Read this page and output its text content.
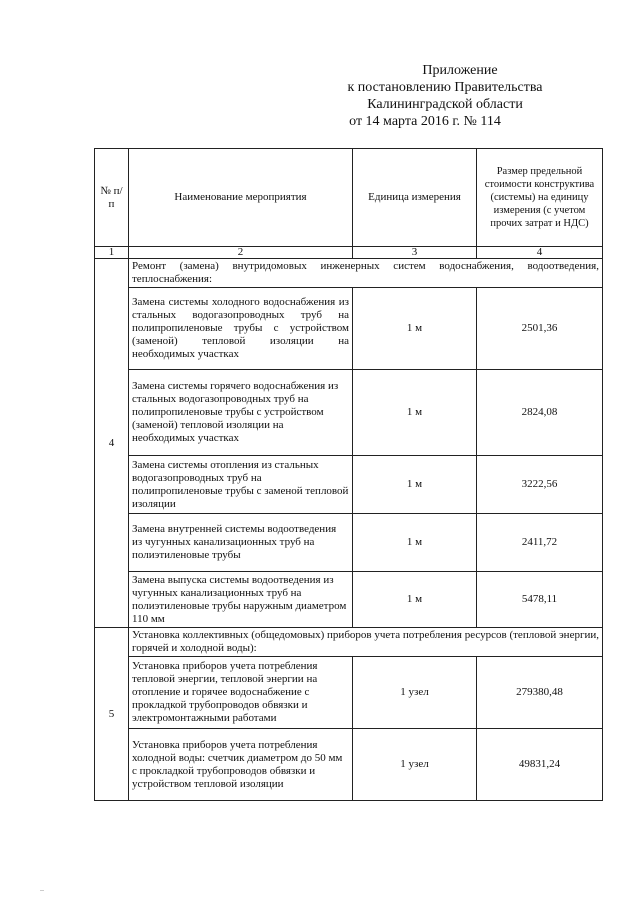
Приложение
к постановлению Правительства
Калининградской области
от 14 марта 2016 г. № 114
№ п/п	Наименование мероприятия	Единица измерения	Размер предельной стоимости конструктива (системы) на единицу измерения (с учетом прочих затрат и НДС)
1	2	3	4
4	Ремонт (замена) внутридомовых инженерных систем водоснабжения, водоотведения, теплоснабжения:		
	Замена системы холодного водоснабжения из стальных водогазопроводных труб на полипропиленовые трубы с устройством (заменой) тепловой изоляции на необходимых участках	1 м	2501,36
	Замена системы горячего водоснабжения из стальных водогазопроводных труб на полипропиленовые трубы с устройством (заменой) тепловой изоляции на необходимых участках	1 м	2824,08
	Замена системы отопления из стальных водогазопроводных труб на полипропиленовые трубы с заменой тепловой изоляции	1 м	3222,56
	Замена внутренней системы водоотведения из чугунных канализационных труб на полиэтиленовые трубы	1 м	2411,72
	Замена выпуска системы водоотведения из чугунных канализационных труб на полиэтиленовые трубы наружным диаметром 110 мм	1 м	5478,11
5	Установка коллективных (общедомовых) приборов учета потребления ресурсов (тепловой энергии, горячей и холодной воды):		
	Установка приборов учета потребления тепловой энергии, тепловой энергии на отопление и горячее водоснабжение с прокладкой трубопроводов обвязки и электромонтажными работами	1 узел	279380,48
	Установка приборов учета потребления холодной воды: счетчик диаметром до 50 мм с прокладкой трубопроводов обвязки и устройством тепловой изоляции	1 узел	49831,24
